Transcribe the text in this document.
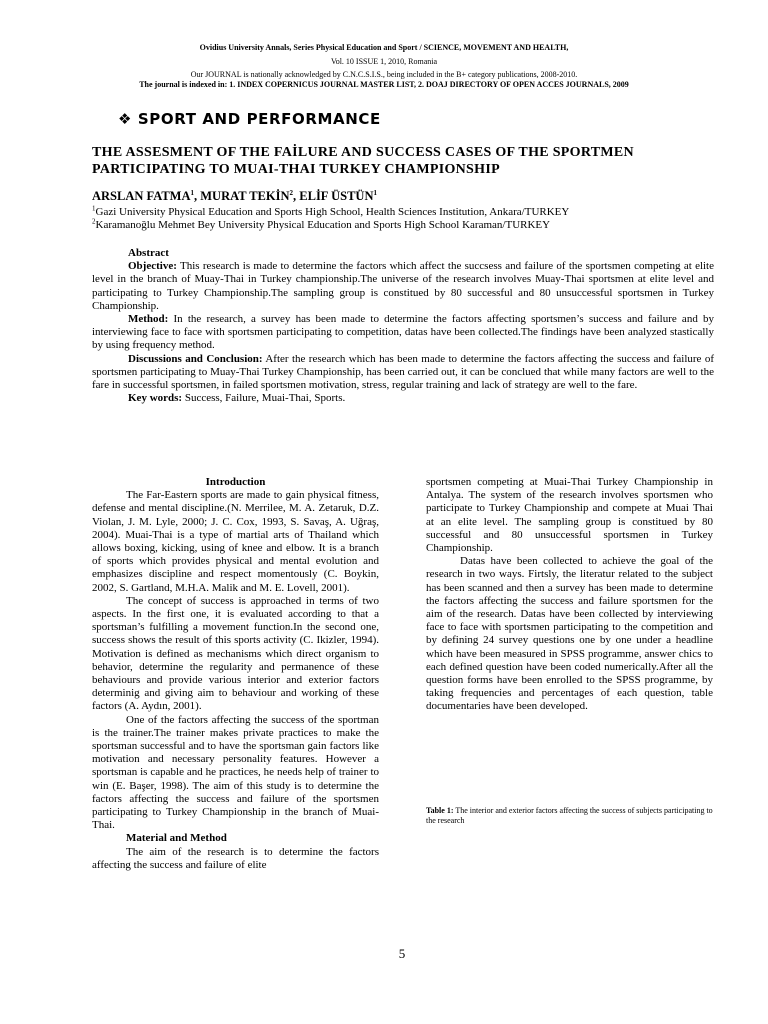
Ovidius University Annals, Series Physical Education and Sport / SCIENCE, MOVEMENT AND HEALTH,
Vol. 10 ISSUE 1, 2010, Romania
Our JOURNAL is nationally acknowledged by C.N.C.S.I.S., being included in the B+ category publications, 2008-2010.
The journal is indexed in: 1. INDEX COPERNICUS JOURNAL MASTER LIST, 2. DOAJ DIRECTORY OF OPEN ACCES JOURNALS, 2009
❖ SPORT AND PERFORMANCE
THE ASSESMENT OF THE FAİLURE AND SUCCESS CASES OF THE SPORTMEN PARTICIPATING TO MUAI-THAI TURKEY CHAMPIONSHIP
ARSLAN FATMA$^1$, MURAT TEKİN$^2$, ELİF ÜSTÜN$^1$
$^1$Gazi University Physical Education and Sports High School, Health Sciences Institution, Ankara/TURKEY
$^2$Karamanoğlu Mehmet Bey University Physical Education and Sports High School Karaman/TURKEY

Abstract

Objective: This research is made to determine the factors which affect the succsess and failure of the sportsmen competing at elite level in the branch of Muay-Thai in Turkey championship.The universe of the research involves Muay-Thai sportsmen at elite level and participating to Turkey Championship.The sampling group is constitued by 80 successful and 80 unsuccessful sportsmen in Turkey Championship.

Method: In the research, a survey has been made to determine the factors affecting sportsmen’s success and failure and by interviewing face to face with sportsmen participating to competition, datas have been collected.The findings have been analyzed stastically by using frequency method.

Discussions and Conclusion: After the research which has been made to determine the factors affecting the success and failure of sportsmen participating to Muay-Thai Turkey Championship, has been carried out, it can be conclued that while many factors are well to the fare in successful sportsmen, in failed sportsmen motivation, stress, regular training and lack of strategy are well to the fare.

Key words: Success, Failure, Muai-Thai, Sports.

Introduction

The Far-Eastern sports are made to gain physical fitness, defense and mental discipline.(N. Merrilee, M. A. Zetaruk, D.Z. Violan, J. M. Lyle, 2000; J. C. Cox, 1993, S. Savaş, A. Uğraş, 2004). Muai-Thai is a type of martial arts of Thailand which allows boxing, kicking, using of knee and elbow. It is a branch of sports which provides physical and mental evolution and emphasizes discipline and respect momentously (C. Boykin, 2002, S. Gartland, M.H.A. Malik and M. E. Lovell, 2001).

The concept of success is approached in terms of two aspects. In the first one, it is evaluated according to that a sportsman’s fulfilling a movement function.In the second one, success shows the result of this sports activity (C. Ikizler, 1994). Motivation is defined as mechanisms which direct organism to behavior, determine the regularity and permanence of these behaviours and provide various interior and exterior factors determinig and giving aim to behaviour and working of these factors (A. Aydın, 2001).

One of the factors affecting the success of the sportman is the trainer.The trainer makes private practices to make the sportsman successful and to have the sportsman gain factors like motivation and necessary personality features. However a sportsman is capable and he practices, he needs help of trainer to win (E. Başer, 1998). The aim of this study is to determine the factors affecting the success and failure of the sportsmen participating to Turkey Championship in the branch of Muai-Thai.

Material and Method

The aim of the research is to determine the factors affecting the success and failure of elite

sportsmen competing at Muai-Thai Turkey Championship in Antalya. The system of the research involves sportsmen who participate to Turkey Championship and compete at Muai Thai at an elite level. The sampling group is constitued by 80 successful and 80 unsuccessful sportsmen in Turkey Championship.

Datas have been collected to achieve the goal of the research in two ways. Firtsly, the literatur related to the subject has been scanned and then a survey has been made to determine the factors affecting the success and failure sportsmen for the aim of the research. Datas have been collected by interviewing face to face with sportsmen participating to the competition and by defining 24 survey questions one by one under a headline which have been measured in SPSS programme, answer chics to each defined question have been coded numerically.After all the question forms have been enrolled to the SPSS programme, by taking frequencies and percentages of each question, table documentaries have been developed.

Table 1: The interior and exterior factors affecting the success of subjects participating to the research
5
